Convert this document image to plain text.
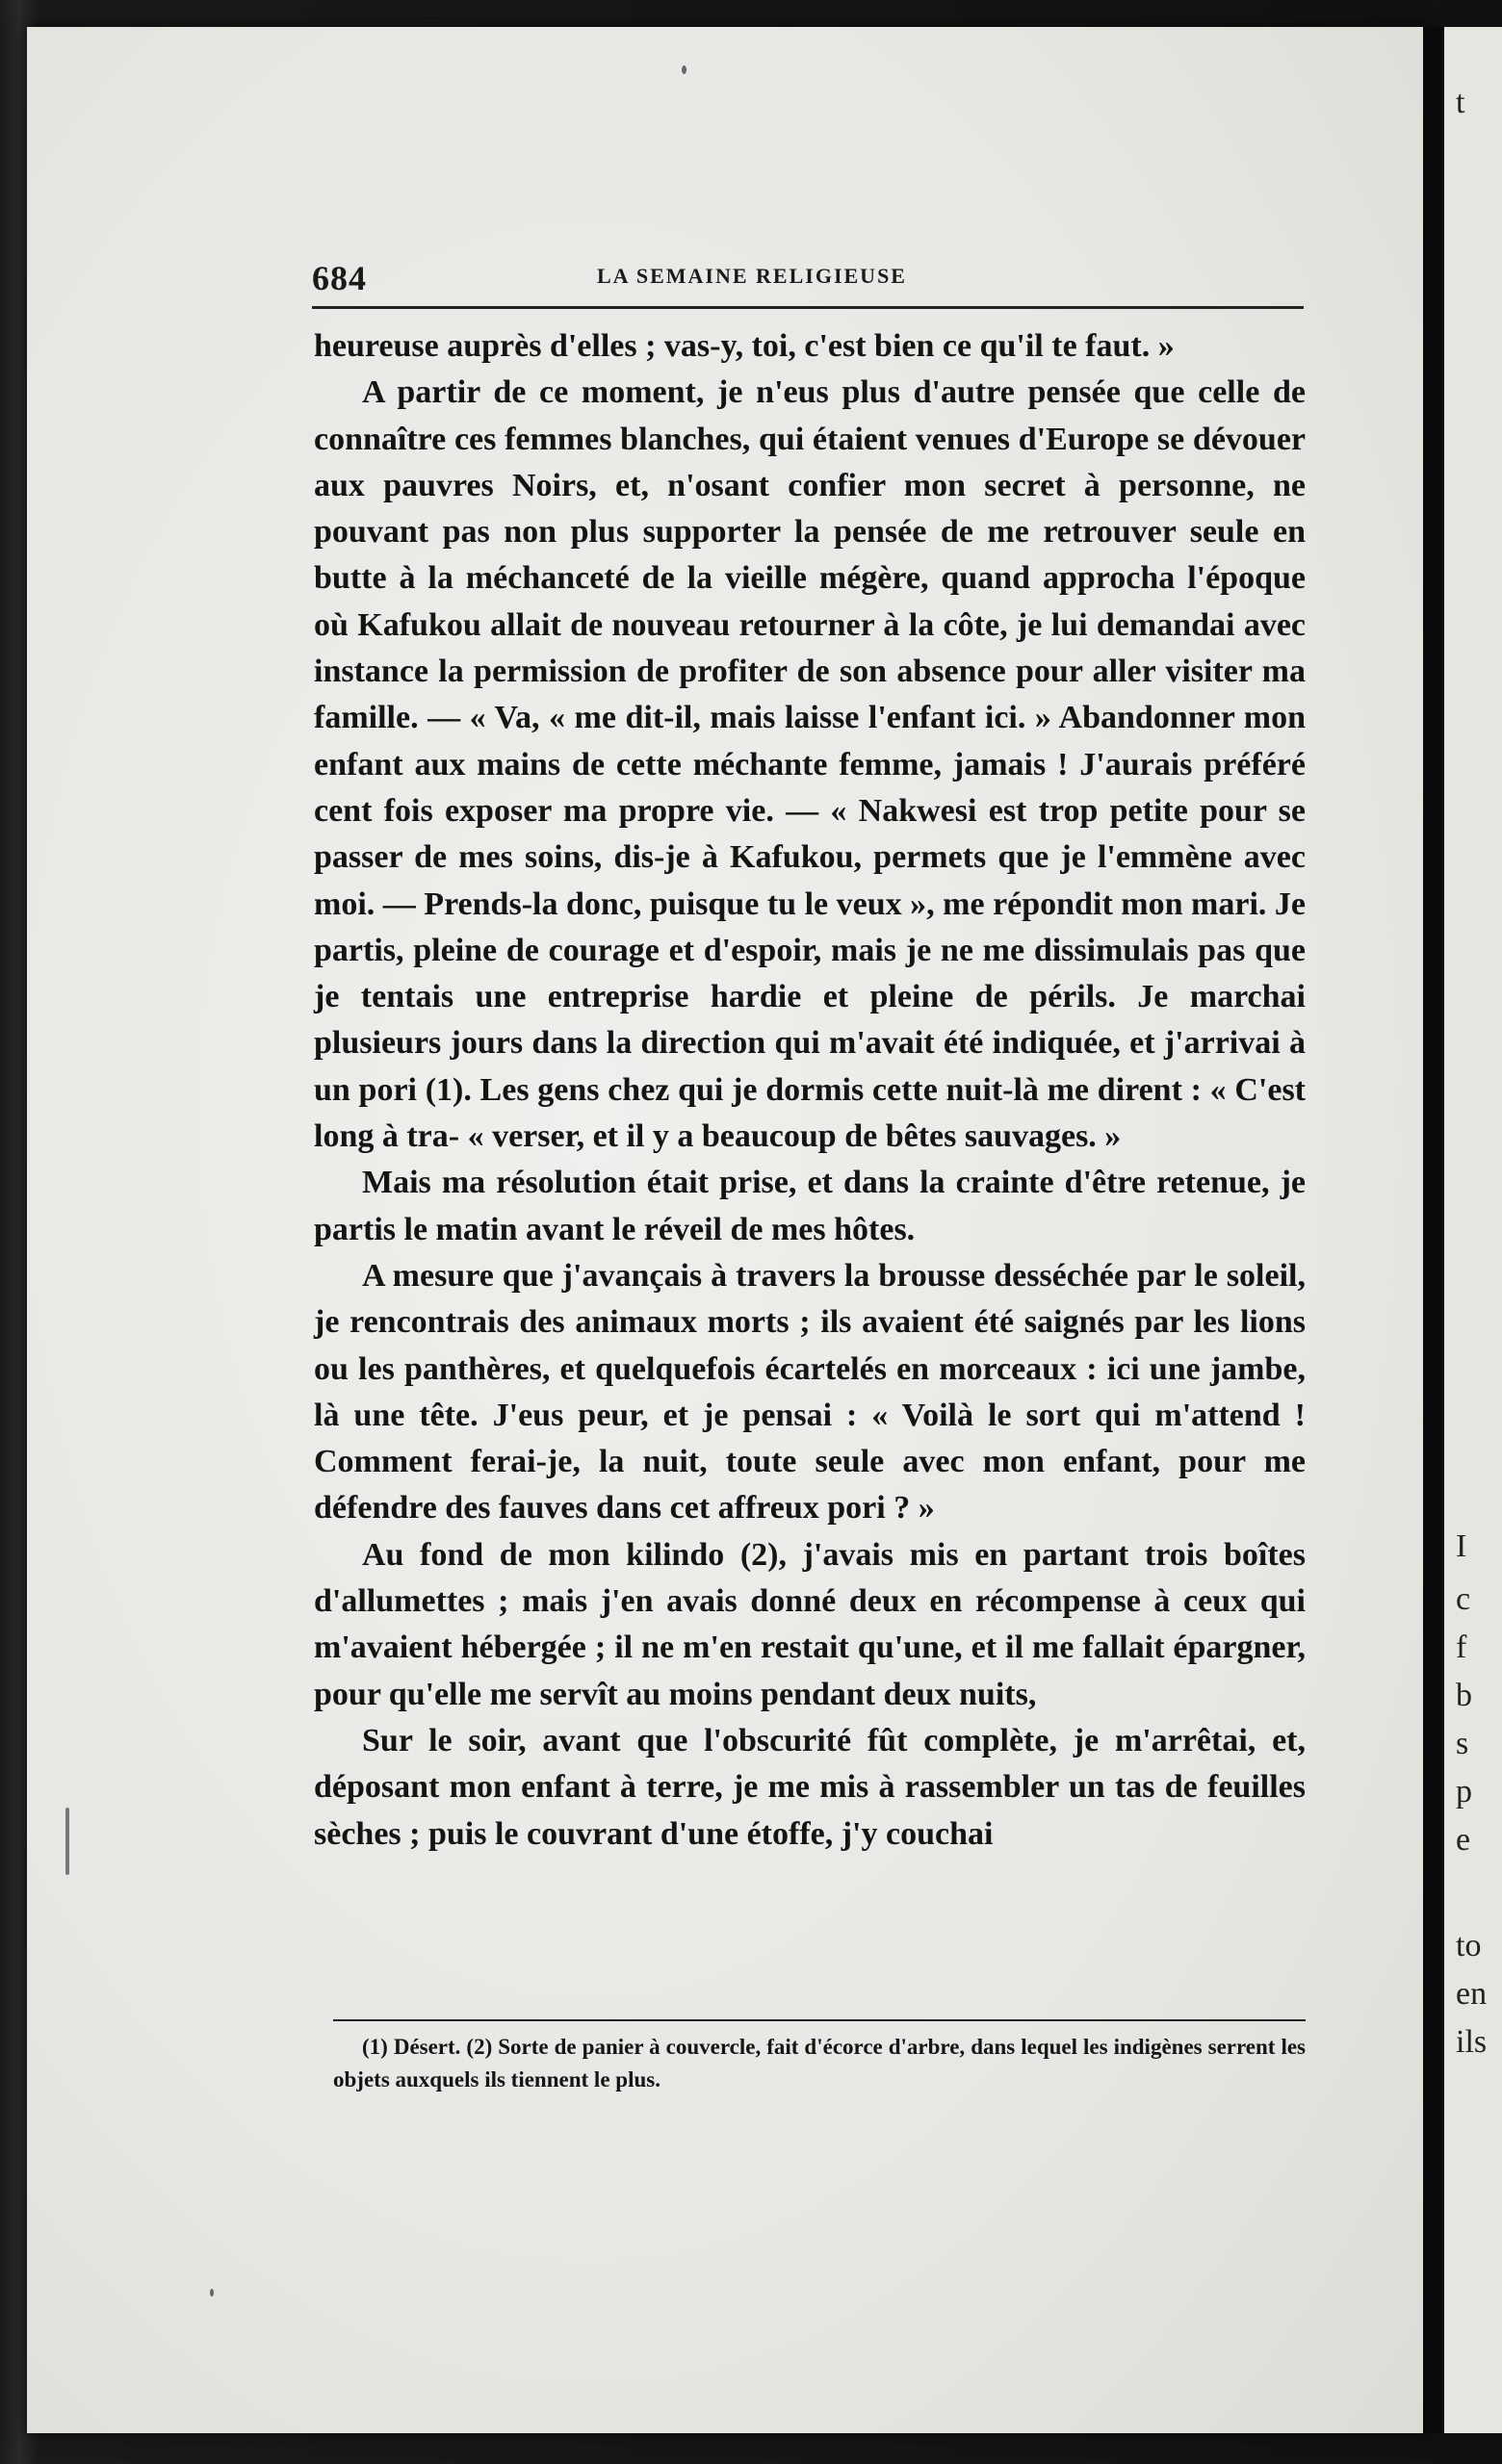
t
I
c
f
b
s
p
e
to
en
ils
684	LA SEMAINE RELIGIEUSE

heureuse auprès d'elles ; vas-y, toi, c'est bien ce qu'il te faut. »

A partir de ce moment, je n'eus plus d'autre pensée que celle de connaître ces femmes blanches, qui étaient venues d'Europe se dévouer aux pauvres Noirs, et, n'osant confier mon secret à personne, ne pouvant pas non plus supporter la pensée de me retrouver seule en butte à la méchanceté de la vieille mégère, quand approcha l'époque où Kafukou allait de nouveau retourner à la côte, je lui demandai avec instance la permission de profiter de son absence pour aller visiter ma famille. — « Va, « me dit-il, mais laisse l'enfant ici. » Abandonner mon enfant aux mains de cette méchante femme, jamais ! J'aurais préféré cent fois exposer ma propre vie. — « Nakwesi est trop petite pour se passer de mes soins, dis-je à Kafukou, permets que je l'emmène avec moi. — Prends-la donc, puisque tu le veux », me répondit mon mari. Je partis, pleine de courage et d'espoir, mais je ne me dissimulais pas que je tentais une entreprise hardie et pleine de périls. Je marchai plusieurs jours dans la direction qui m'avait été indiquée, et j'arrivai à un pori (1). Les gens chez qui je dormis cette nuit-là me dirent : « C'est long à tra- « verser, et il y a beaucoup de bêtes sauvages. »

Mais ma résolution était prise, et dans la crainte d'être retenue, je partis le matin avant le réveil de mes hôtes.

A mesure que j'avançais à travers la brousse desséchée par le soleil, je rencontrais des animaux morts ; ils avaient été saignés par les lions ou les panthères, et quelquefois écartelés en morceaux : ici une jambe, là une tête. J'eus peur, et je pensai : « Voilà le sort qui m'attend ! Comment ferai-je, la nuit, toute seule avec mon enfant, pour me défendre des fauves dans cet affreux pori ? »

Au fond de mon kilindo (2), j'avais mis en partant trois boîtes d'allumettes ; mais j'en avais donné deux en récompense à ceux qui m'avaient hébergée ; il ne m'en restait qu'une, et il me fallait épargner, pour qu'elle me servît au moins pendant deux nuits,

Sur le soir, avant que l'obscurité fût complète, je m'arrêtai, et, déposant mon enfant à terre, je me mis à rassembler un tas de feuilles sèches ; puis le couvrant d'une étoffe, j'y couchai

(1) Désert. (2) Sorte de panier à couvercle, fait d'écorce d'arbre, dans lequel les indigènes serrent les objets auxquels ils tiennent le plus.
